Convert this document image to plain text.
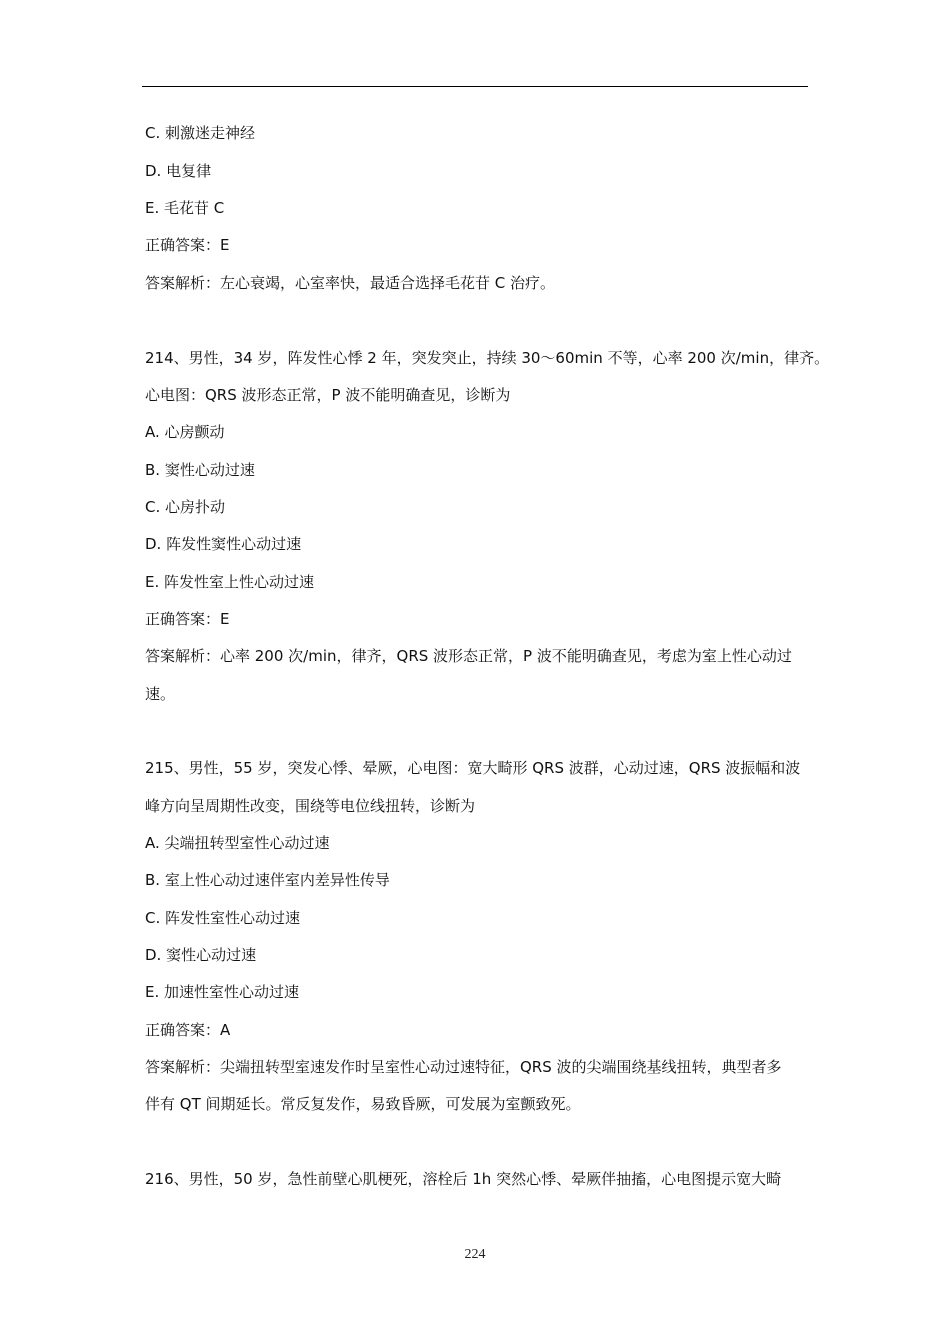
C. 刺激迷走神经
D. 电复律
E. 毛花苷 C
正确答案：E
答案解析：左心衰竭，心室率快，最适合选择毛花苷 C 治疗。
214、男性，34 岁，阵发性心悸 2 年，突发突止，持续 30～60min 不等，心率 200 次/min，律齐。
心电图：QRS 波形态正常，P 波不能明确查见，诊断为
A. 心房颤动
B. 窦性心动过速
C. 心房扑动
D. 阵发性窦性心动过速
E. 阵发性室上性心动过速
正确答案：E
答案解析：心率 200 次/min，律齐，QRS 波形态正常，P 波不能明确查见，考虑为室上性心动过
速。
215、男性，55 岁，突发心悸、晕厥，心电图：宽大畸形 QRS 波群，心动过速，QRS 波振幅和波
峰方向呈周期性改变，围绕等电位线扭转，诊断为
A. 尖端扭转型室性心动过速
B. 室上性心动过速伴室内差异性传导
C. 阵发性室性心动过速
D. 窦性心动过速
E. 加速性室性心动过速
正确答案：A
答案解析：尖端扭转型室速发作时呈室性心动过速特征，QRS 波的尖端围绕基线扭转，典型者多
伴有 QT 间期延长。常反复发作，易致昏厥，可发展为室颤致死。
216、男性，50 岁，急性前壁心肌梗死，溶栓后 1h 突然心悸、晕厥伴抽搐，心电图提示宽大畸
224
